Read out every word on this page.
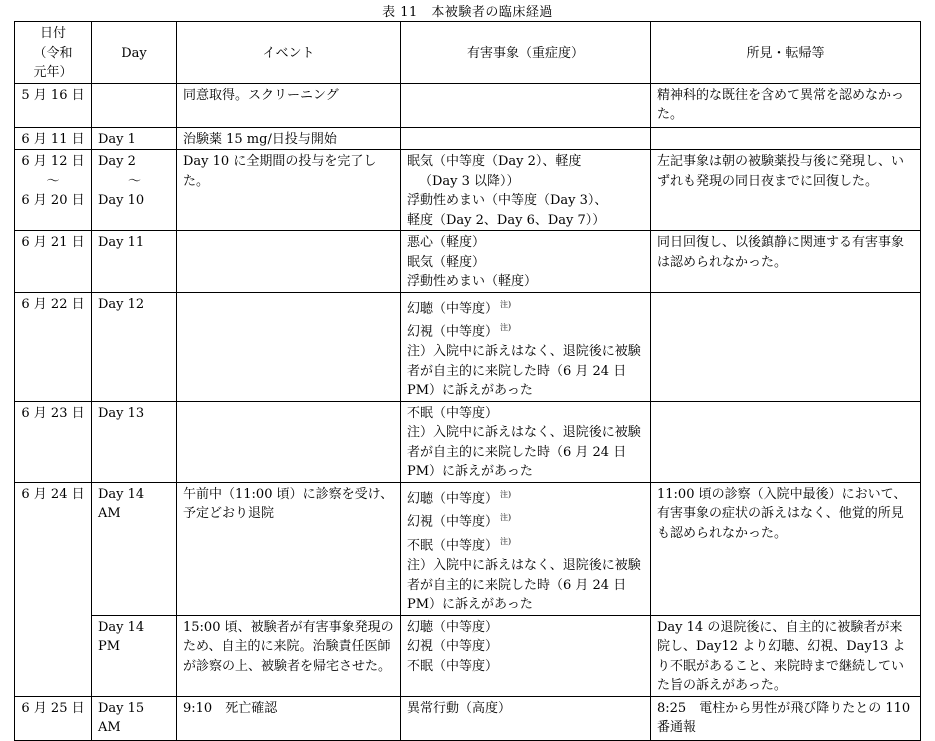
表 11　本被験者の臨床経過
日付
（令和
元年）	Day	イベント	有害事象（重症度）	所見・転帰等
5 月 16 日		同意取得。スクリーニング		精神科的な既往を含めて異常を認めなかった。
6 月 11 日	Day 1	治験薬 15 mg/日投与開始		

6 月 12 日
〜
6 月 20 日	Day 2
〜
Day 10	Day 10 に全期間の投与を完了した。	眠気（中等度（Day 2）、軽度
（Day 3 以降））
浮動性めまい（中等度（Day 3）、
軽度（Day 2、Day 6、Day 7））	左記事象は朝の被験薬投与後に発現し、いずれも発現の同日夜までに回復した。
6 月 21 日	Day 11		悪心（軽度）
眠気（軽度）
浮動性めまい（軽度）	同日回復し、以後鎮静に関連する有害事象は認められなかった。
6 月 22 日	Day 12		幻聴（中等度） $^{注)}$
幻視（中等度） $^{注)}$
注）入院中に訴えはなく、退院後に被験者が自主的に来院した時（6 月 24 日 PM）に訴えがあった	

6 月 23 日	Day 13		不眠（中等度）
注）入院中に訴えはなく、退院後に被験者が自主的に来院した時（6 月 24 日 PM）に訴えがあった	

6 月 24 日	Day 14 AM	午前中（11:00 頃）に診察を受け、予定どおり退院	幻聴（中等度） $^{注)}$
幻視（中等度） $^{注)}$
不眠（中等度） $^{注)}$
注）入院中に訴えはなく、退院後に被験者が自主的に来院した時（6 月 24 日 PM）に訴えがあった	11:00 頃の診察（入院中最後）において、有害事象の症状の訴えはなく、他覚的所見も認められなかった。

	Day 14
PM	15:00 頃、被験者が有害事象発現のため、自主的に来院。治験責任医師が診察の上、被験者を帰宅させた。	幻聴（中等度）
幻視（中等度）
不眠（中等度）	Day 14 の退院後に、自主的に被験者が来院し、Day12 より幻聴、幻視、Day13 より不眠があること、来院時まで継続していた旨の訴えがあった。
6 月 25 日	Day 15
AM	9:10　死亡確認	異常行動（高度）	8:25　電柱から男性が飛び降りたとの 110 番通報
